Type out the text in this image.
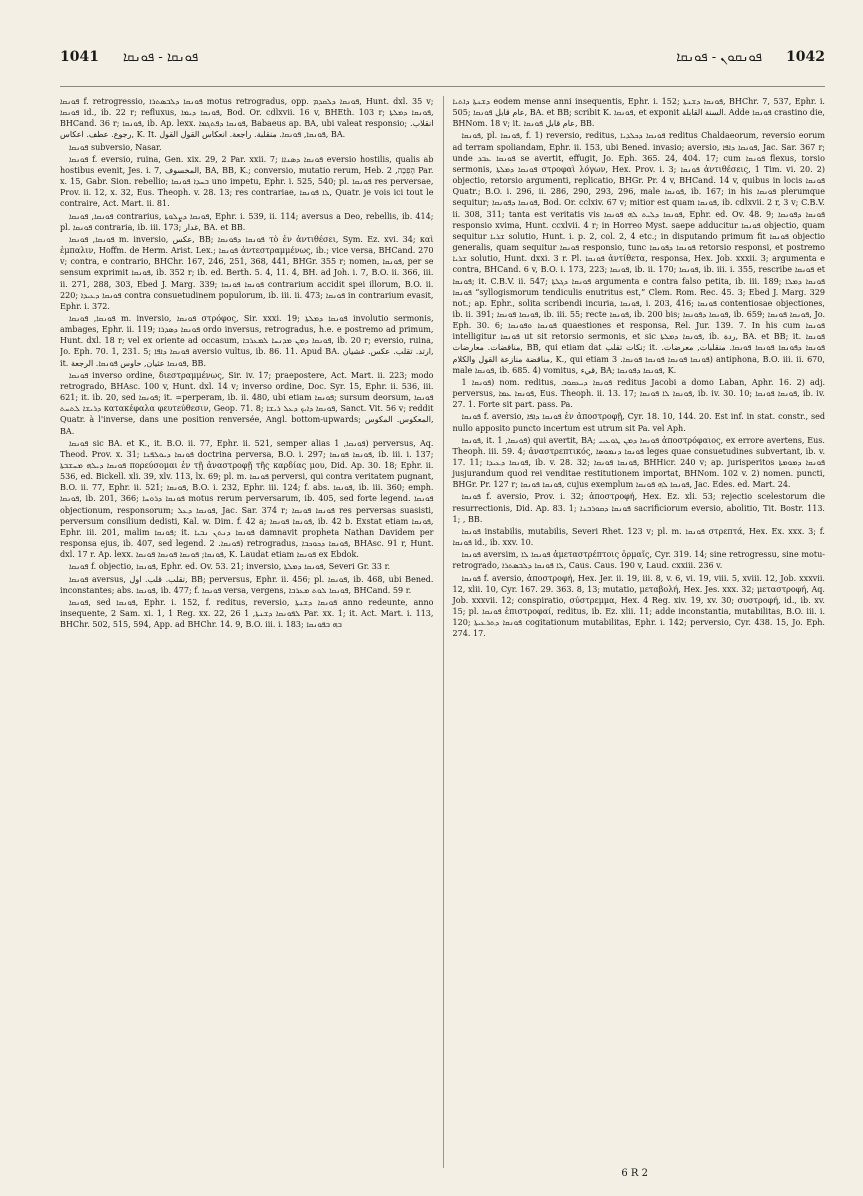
1041 ܦܘܢܩܐ - ܦܘܢܩܐ	ܦܘܢܩܘܢ - ܦܘܢܩܐ 1042

ܦܘܢܩܐ f. retrogressio, ܦܘܢܩܐ ܕܠܒܣܬܪܐ motus retrogradus, opp. ܦܘܢܩܐ ܕܠܩܕܡ, Hunt. dxl. 35 v; ܦܘܢܩܐ id., ib. 22 r; refluxus, ܦܘܢܩܐ ܕܝܡܐ, Bod. Or. cdlxvii. 16 v, BHEth. 103 r; ܦܘܢܩܐ ܕܡܠܬܐ, BHCand. 36 r; ܦܘܢܩܐ, ib. Ap. lexx. ܦܘܢܩܐ ܕܦܬܓܡܐ, Babaeus ap. BA, ubi valeat responsio; انقلاب. رجوع. عطف. اعكاس, K. It. ܦܘܢܩܐ, ܦܘܢܩܐ. منقلبة. راجعة. انعكاس القول القول, BA.

ܦܘܢܩܐ subversio, Nasar.

ܦܘܢܩܐ f. eversio, ruina, Gen. xix. 29, 2 Par. xxii. 7; ܦܘܢܩܐ ܕܣܢܐܐ eversio hostilis, qualis ab hostibus evenit, Jes. i. 7, المخسوف, BA, BB, K.; conversio, mutatio rerum, Heb. הָפְכָה, 2 Par. x. 15, Gabr. Sion. rebellio; ܒܚܕܐ ܦܘܢܩܐ uno impetu, Ephr. i. 525, 540; pl. ܦܘܢܩܐ res perversae, Prov. ii. 12, x. 32, Eus. Theoph. v. 28. 13; res contrariae, ܠܐ ܦܘܢܩܐ, Quatr. je vois ici tout le contraire, Act. Mart. ii. 81.

ܦܘܢܩܐ, ܦܘܢܩܐ contrarius, ܦܘܢܩܐ ܕܨܠܘܬܐ, Ephr. i. 539, ii. 114; aversus a Deo, rebellis, ib. 414; pl. ܦܘܢܩܐ contraria, ib. iii. 173; غدار, BA. et BB.

ܦܘܢܩܐ, ܦܘܢܩܐ m. inversio, عكس, BB; ܦܘܢܩܐ ܕܦܘܢܩܐ τὸ ἐν ἀντιθέσει, Sym. Ez. xvi. 34; καὶ ἐμπαλιν, Hoffm. de Herm. Arist. Lex.; ܦܘܢܩܐ ἀντεστραμμένως, ib.; vice versa, BHCand. 270 v; contra, e contrario, BHChr. 167, 246, 251, 368, 441, BHGr. 355 r; nomen, ܦܘܢܩܐ, per se sensum exprimit ܦܘܢܩܐ, ib. 352 r; ib. ed. Berth. 5. 4, 11. 4, BH. ad Joh. i. 7, B.O. ii. 366, iii. ii. 271, 288, 303, Ebed J. Marg. 339; ܦܘܢܩܐ ܦܘܢܩܐ contrarium accidit spei illorum, B.O. ii. 220; ܦܘܢܩܐ ܕܥܝܕܐ contra consuetudinem populorum, ib. iii. ii. 473; ܦܘܢܩܐ in contrarium evasit, Ephr. i. 372.

ܦܘܢܩܐ, ܦܘܢܩܐ m. inversio, ܦܘܢܩܐ στρόφος, Sir. xxxi. 19; ܦܘܢܩܐ ܕܡܠܬܐ involutio sermonis, ambages, Ephr. ii. 119; ܦܘܢܩܐ ܕܣܕܪܐ ordo inversus, retrogradus, h.e. e postremo ad primum, Hunt. dxl. 18 r; vel ex oriente ad occasum, ܦܘܢܩܐ ܕܡܢ ܡܕܢܚܐ ܠܡܥܪܒܐ, ib. 20 r; eversio, ruina, Jo. Eph. 70. 1, 231. 5; ܦܘܢܩܐ ܕܐܦܐ aversio vultus, ib. 86. 11. Apud BA. ارتد. تقلب. عكس. غشيان, it. ܦܘܢܩܐ عثيان, حاوس ܦܘܢܩܐ. الرجعة, BB.

ܦܘܢܩܐ inverso ordine, διεστραμμένως, Sir. iv. 17; praepostere, Act. Mart. ii. 223; modo retrogrado, BHAsc. 100 v, Hunt. dxl. 14 v; inverso ordine, Doc. Syr. 15, Ephr. ii. 536, iii. 621; it. ib. 20, sed ܦܘܢܩܐ; it. =perperam, ib. ii. 480, ubi etiam ܦܘܢܩܐ; sursum deorsum, ܦܘܢܩܐ ܕܪܝܫܐ ܠܬܚܬ κατακέφαλα φευτεύθεσιν, Geop. 71. 8; ܦܘܢܩܐ ܕܐܝܟ ܕܥܠ ܪܝܫܐ, Sanct. Vit. 56 v; reddit Quatr. à l'inverse, dans une position renversée, Angl. bottom-upwards; المعكوس. المكوس, BA.

ܦܘܢܩܐ sic BA. et K., it. B.O. ii. 77, Ephr. ii. 521, semper alias ܦܘܢܩܐ, 1) perversus, Aq. Theod. Prov. x. 31; ܦܘܢܩܐ ܕܝܘܠܦܢܐ doctrina perversa, B.O. i. 297; ܦܘܢܩܐ ܦܘܢܩܐ, ib. iii. i. 137; ܦܘܢܩܐ ܕܝܠܗ ܡܚܫܒܬܐ πορεύσομαι ἐν τῇ ἀναστροφῇ τῆς καρδίας μου, Did. Ap. 30. 18; Ephr. ii. 536, ed. Bickell. xli. 39, xlv. 113, lx. 69; pl. m. ܦܘܢܩܐ perversi, qui contra veritatem pugnant, B.O. ii. 77, Ephr. ii. 521; ܦܘܢܩܐ, B.O. i. 232, Ephr. iii. 124; f. abs. ܦܘܢܩܐ, ib. iii. 360; emph. ܦܘܢܩܐ, ib. 201, 366; ܦܘܢܩܐ ܕܪܘܚܐ motus rerum perversarum, ib. 405, sed forte legend. ܦܘܢܩܐ objectionum, responsorum; ܦܘܢܩܐ ܕܥܠ, Jac. Sar. 374 r; ܦܘܢܩܐ ܦܘܢܩܐ res perversas suasisti, perversum consilium dedisti, Kal. w. Dim. f. 42 a; ܦܘܢܩܐ ܦܘܢܩܐ, ib. 42 b. Exstat etiam ܦܘܢܩܐ, Ephr. iii. 201, malim ܦܘܢܩܐ; it. ܦܘܢܩܐ ܕܢܬܢ ܢܒܝܐ damnavit propheta Nathan Davidem per responsa ejus, ib. 407, sed legend. ܦܘܢܩܐ. 2) retrogradus, ܦܘܢܩܐ ܕܟܘܟܒܐ, BHAsc. 91 r, Hunt. dxl. 17 r. Ap. lexx. ܦܘܢܩܐ; ܦܘܢܩܐ ܦܘܢܩܐ ܦܘܢܩܐ, K. Laudat etiam ܦܘܢܩܐ ex Ebdok.

ܦܘܢܩܐ f. objectio, ܦܘܢܩܐ, Ephr. ed. Ov. 53. 21; inversio, ܦܘܢܩܐ ܕܡܠܬܐ, Severi Gr. 33 r.

ܦܘܢܩܐ aversus, تقلب. قلب. اول, BB; perversus, Ephr. ii. 456; pl. ܦܘܢܩܐ, ib. 468, ubi Bened. inconstantes; abs. ܦܘܢܩܐ, ib. 477; f. ܦܘܢܩܐ versa, vergens, ܦܘܢܩܐ ܠܘܬ ܡܥܪܒܐ, BHCand. 59 r.

ܦܘܢܩܐ, sed ܦܘܢܩܐ, Ephr. i. 152, f. reditus, reversio, ܦܘܢܩܐ ܕܫܢܬܐ anno redeunte, anno insequente, 2 Sam. xi. 1, 1 Reg. xx. 22, 26 ܠܦܘܢܩܐ ܕܫܢܬܐ, 1 Par. xx. 1; it. Act. Mart. i. 113, BHChr. 502, 515, 594, App. ad BHChr. 14. 9, B.O. iii. i. 183; ܒܗ ܒܦܘܢܩܐ

ܕܫܢܬܐ ܕܐܬܝܐ eodem mense anni insequentis, Ephr. i. 152; ܦܘܢܩܐ ܕܫܢܬܐ, BHChr. 7, 537, Ephr. i. 505; عام قابل ܦܘܢܩܐ, BA. et BB; scribit K. ܦܘܢܩܐ, et exponit السنة القابلة. Adde ܦܘܢܩܐ crastino die, BHNom. 18 v; it. عام قابل ܦܘܢܩܐ, BB.

ܦܘܢܩܐ, pl. ܦܘܢܩܐ, f. 1) reversio, reditus, ܦܘܢܩܐ ܕܟܠܕܝܐ reditus Chaldaeorum, reversio eorum ad terram spoliandam, Ephr. ii. 153, ubi Bened. invasio; aversio, ܦܘܢܩܐ ܕܐܦܐ, Jac. Sar. 367 r; unde ܦܘܢܩܐ ܥܒܕ se avertit, effugit, Jo. Eph. 365. 24, 404. 17; cum ܦܘܢܩܐ flexus, torsio sermonis, ܦܘܢܩܐ ܕܡܠܬܐ στροφαὶ λόγων, Hex. Prov. i. 3; ܦܘܢܩܐ ἀντιθέσεις, 1 Tim. vi. 20. 2) objectio, retorsio argumenti, replicatio, BHGr. Pr. 4 v, BHCand. 14 v, quibus in locis ܦܘܢܩܐ Quatr.; B.O. i. 296, ii. 286, 290, 293, 296, male ܦܘܢܩܐ, ib. 167; in his ܦܘܢܩܐ plerumque sequitur; ܦܘܢܩܐ ܕܦܘܢܩܐ, Bod. Or. cclxiv. 67 v; mitior est quam ܦܘܢܩܐ, ib. cdlxvii. 2 r, 3 v; C.B.V. ii. 308, 311; tanta est veritatis vis ܦܘܢܩܐ ܕܠܝܬ ܠܗ ܦܘܢܩܐ, Ephr. ed. Ov. 48. 9; ܦܘܢܩܐ ܕܦܘܢܩܐ responsio xvima, Hunt. ccxlvii. 4 r; in Horreo Myst. saepe adducitur ܦܘܢܩܐ objectio, quam sequitur ܫܪܝܐ solutio, Hunt. i. p. 2, col. 2, 4 etc.; in disputando primum fit ܦܘܢܩܐ objectio generalis, quam sequitur ܦܘܢܩܐ responsio, tunc ܦܘܢܩܐ ܕܦܘܢܩܐ retorsio responsi, et postremo ܫܪܝܐ solutio, Hunt. dxxi. 3 r. Pl. ܦܘܢܩܐ ἀντίθετα, responsa, Hex. Job. xxxii. 3; argumenta e contra, BHCand. 6 v, B.O. i. 173, 223; ܦܘܢܩܐ, ib. ii. 170; ܦܘܢܩܐ, ib. iii. i. 355, rescribe ܦܘܢܩܐ et ܦܘܢܩܐ; it. C.B.V. ii. 547; ܦܘܢܩܐ ܕܓܠܬܐ argumenta e contra falso petita, ib. iii. 189; ܦܘܢܩܐ ܕܡܠܐ ܦܘܢܩܐ “syllogismorum tendiculis enutritus est,” Clem. Rom. Rec. 45. 3; Ebed J. Marg. 329 not.; ap. Ephr., solita scribendi incuria, ܦܘܢܩܐ, i. 203, 416; ܦܘܢܩܐ contentiosae objectiones, ib. ii. 391; ܦܘܢܩܐ ܦܘܢܩܐ, ib. iii. 55; recte ܦܘܢܩܐ, ib. 200 bis; ܦܘܢܩܐ ܕܦܘܢܩܐ, ib. 659; ܦܘܢܩܐ ܦܘܢܩܐ, Jo. Eph. 30. 6; ܦܘܢܩܐ ܘܦܘܢܩܐ quaestiones et responsa, Rel. Jur. 139. 7. In his cum ܦܘܢܩܐ intelligitur ܦܘܢܩܐ ut sit retorsio sermonis, et sic ܦܘܢܩܐ ܕܡܠܬܐ, ib. ردة, BA. et BB; it. ܦܘܢܩܐ مناقضات. معارضات, BB, qui etiam dat نكات تقلب; it. ܦܘܢܩܐ ܕܦܘܢܩܐ ܦܘܢܩܐ ܦܘܢܩܐ. منقلبات, معرضات. مناقضة منازعة القول والكلام, K., qui etiam ܦܘܢܩܐ ܦܘܢܩܐ ܦܘܢܩܐ ܦܘܢܩܐ. 3) antiphona, B.O. iii. ii. 670, male ܦܘܢܩܐ, ib. 685. 4) vomitus, قيء, BA; ܦܘܢܩܐ ܕܦܘܢܩܐ, K.

ܦܘܢܩܐ 1) nom. reditus, ܦܘܢܩܐ ܕܝܥܩܘܒ reditus Jacobi a domo Laban, Aphr. 16. 2) adj. perversus, ܦܘܢܩܐ ܥܡܐ, Eus. Theoph. ii. 13. 17; ܦܘܢܩܐ ܠܐ ܦܘܢܩܐ, ib. iv. 30. 10; ܦܘܢܩܐ ܦܘܢܩܐ, ib. iv. 27. 1. Forte sit part. pass. Pa.

ܦܘܢܩܐ f. aversio, ܦܘܢܩܐ ܕܐܦܐ ἐν ἀποστροφῇ, Cyr. 18. 10, 144. 20. Est inf. in stat. constr., sed nullo apposito puncto incertum est utrum sit Pa. vel Aph.

ܦܘܢܩܐ, it. ܦܘܢܩܐ, 1) qui avertit, BA; ܦܘܢܩܐ ܕܡܢ ܛܘܥܝܝ ἀποστρόφαιος, ex errore avertens, Eus. Theoph. iii. 59. 4; ἀναστρεπτικός, ܦܘܢܩܐ ܕܢܡܘܣܐ leges quae consuetudines subvertant, ib. v. 17. 11; ܦܘܢܩܐ ܕܥܝܕܐ, ib. v. 28. 32; ܦܘܢܩܐ ܦܘܢܩܐ, BHHicr. 240 v; ap. jurisperitos ܦܘܢܩܐ ܕܡܘܡܬܐ jusjurandum quod rei venditae restitutionem importat, BHNom. 102 v. 2) nomen. puncti, BHGr. Pr. 127 r; ܦܘܢܩܐ ܦܘܢܩܐ, cujus exemplum ܦܘܢܩܐ ܠܗ ܦܘܢܩܐ, Jac. Edes. ed. Mart. 24.

ܦܘܢܩܐ f. aversio, Prov. i. 32; ἀποστροφή, Hex. Ez. xli. 53; rejectio scelestorum die resurrectionis, Did. Ap. 83. 1; ܦܘܢܩܐ ܕܩܘܪܒܢܐ sacrificiorum eversio, abolitio, Tit. Bostr. 113. 1; , BB.

ܦܘܢܩܐ instabilis, mutabilis, Severi Rhet. 123 v; pl. m. ܦܘܢܩܐ στρεπτά, Hex. Ex. xxx. 3; f. ܦܘܢܩܐ id., ib. xxv. 10.

ܦܘܢܩܐ aversim, ܦܘܢܩܐ ܠܐ ἀμεταστρέπτοις ὁρμαῖς, Cyr. 319. 14; sine retrogressu, sine motu-retrogrado, ܠܐ ܦܘܢܩܐ ܕܠܒܣܬܪܐ, Caus. Caus. 190 v, Laud. cxxiii. 236 v.

ܦܘܢܩܐ f. aversio, ἀποστροφή, Hex. Jer. ii. 19, iii. 8, v. 6, vi. 19, viii. 5, xviii. 12, Job. xxxvii. 12, xlii. 10, Cyr. 167. 29. 363. 8, 13; mutatio, μεταβολή, Hex. Jes. xxx. 32; μεταστροφή, Aq. Job. xxxvii. 12; conspiratio, σύστρεμμα, Hex. 4 Reg. xiv. 19, xv. 30; συστροφή, id., ib. xv. 15; pl. ܦܘܢܩܐ ἐπιστροφαί, reditus, ib. Ez. xlii. 11; adde inconstantia, mutabilitas, B.O. iii. i. 120; ܦܘܢܩܐ ܕܬܪܥܝܬܐ cogitationum mutabilitas, Ephr. i. 142; perversio, Cyr. 438. 15, Jo. Eph. 274. 17.

6 R 2
